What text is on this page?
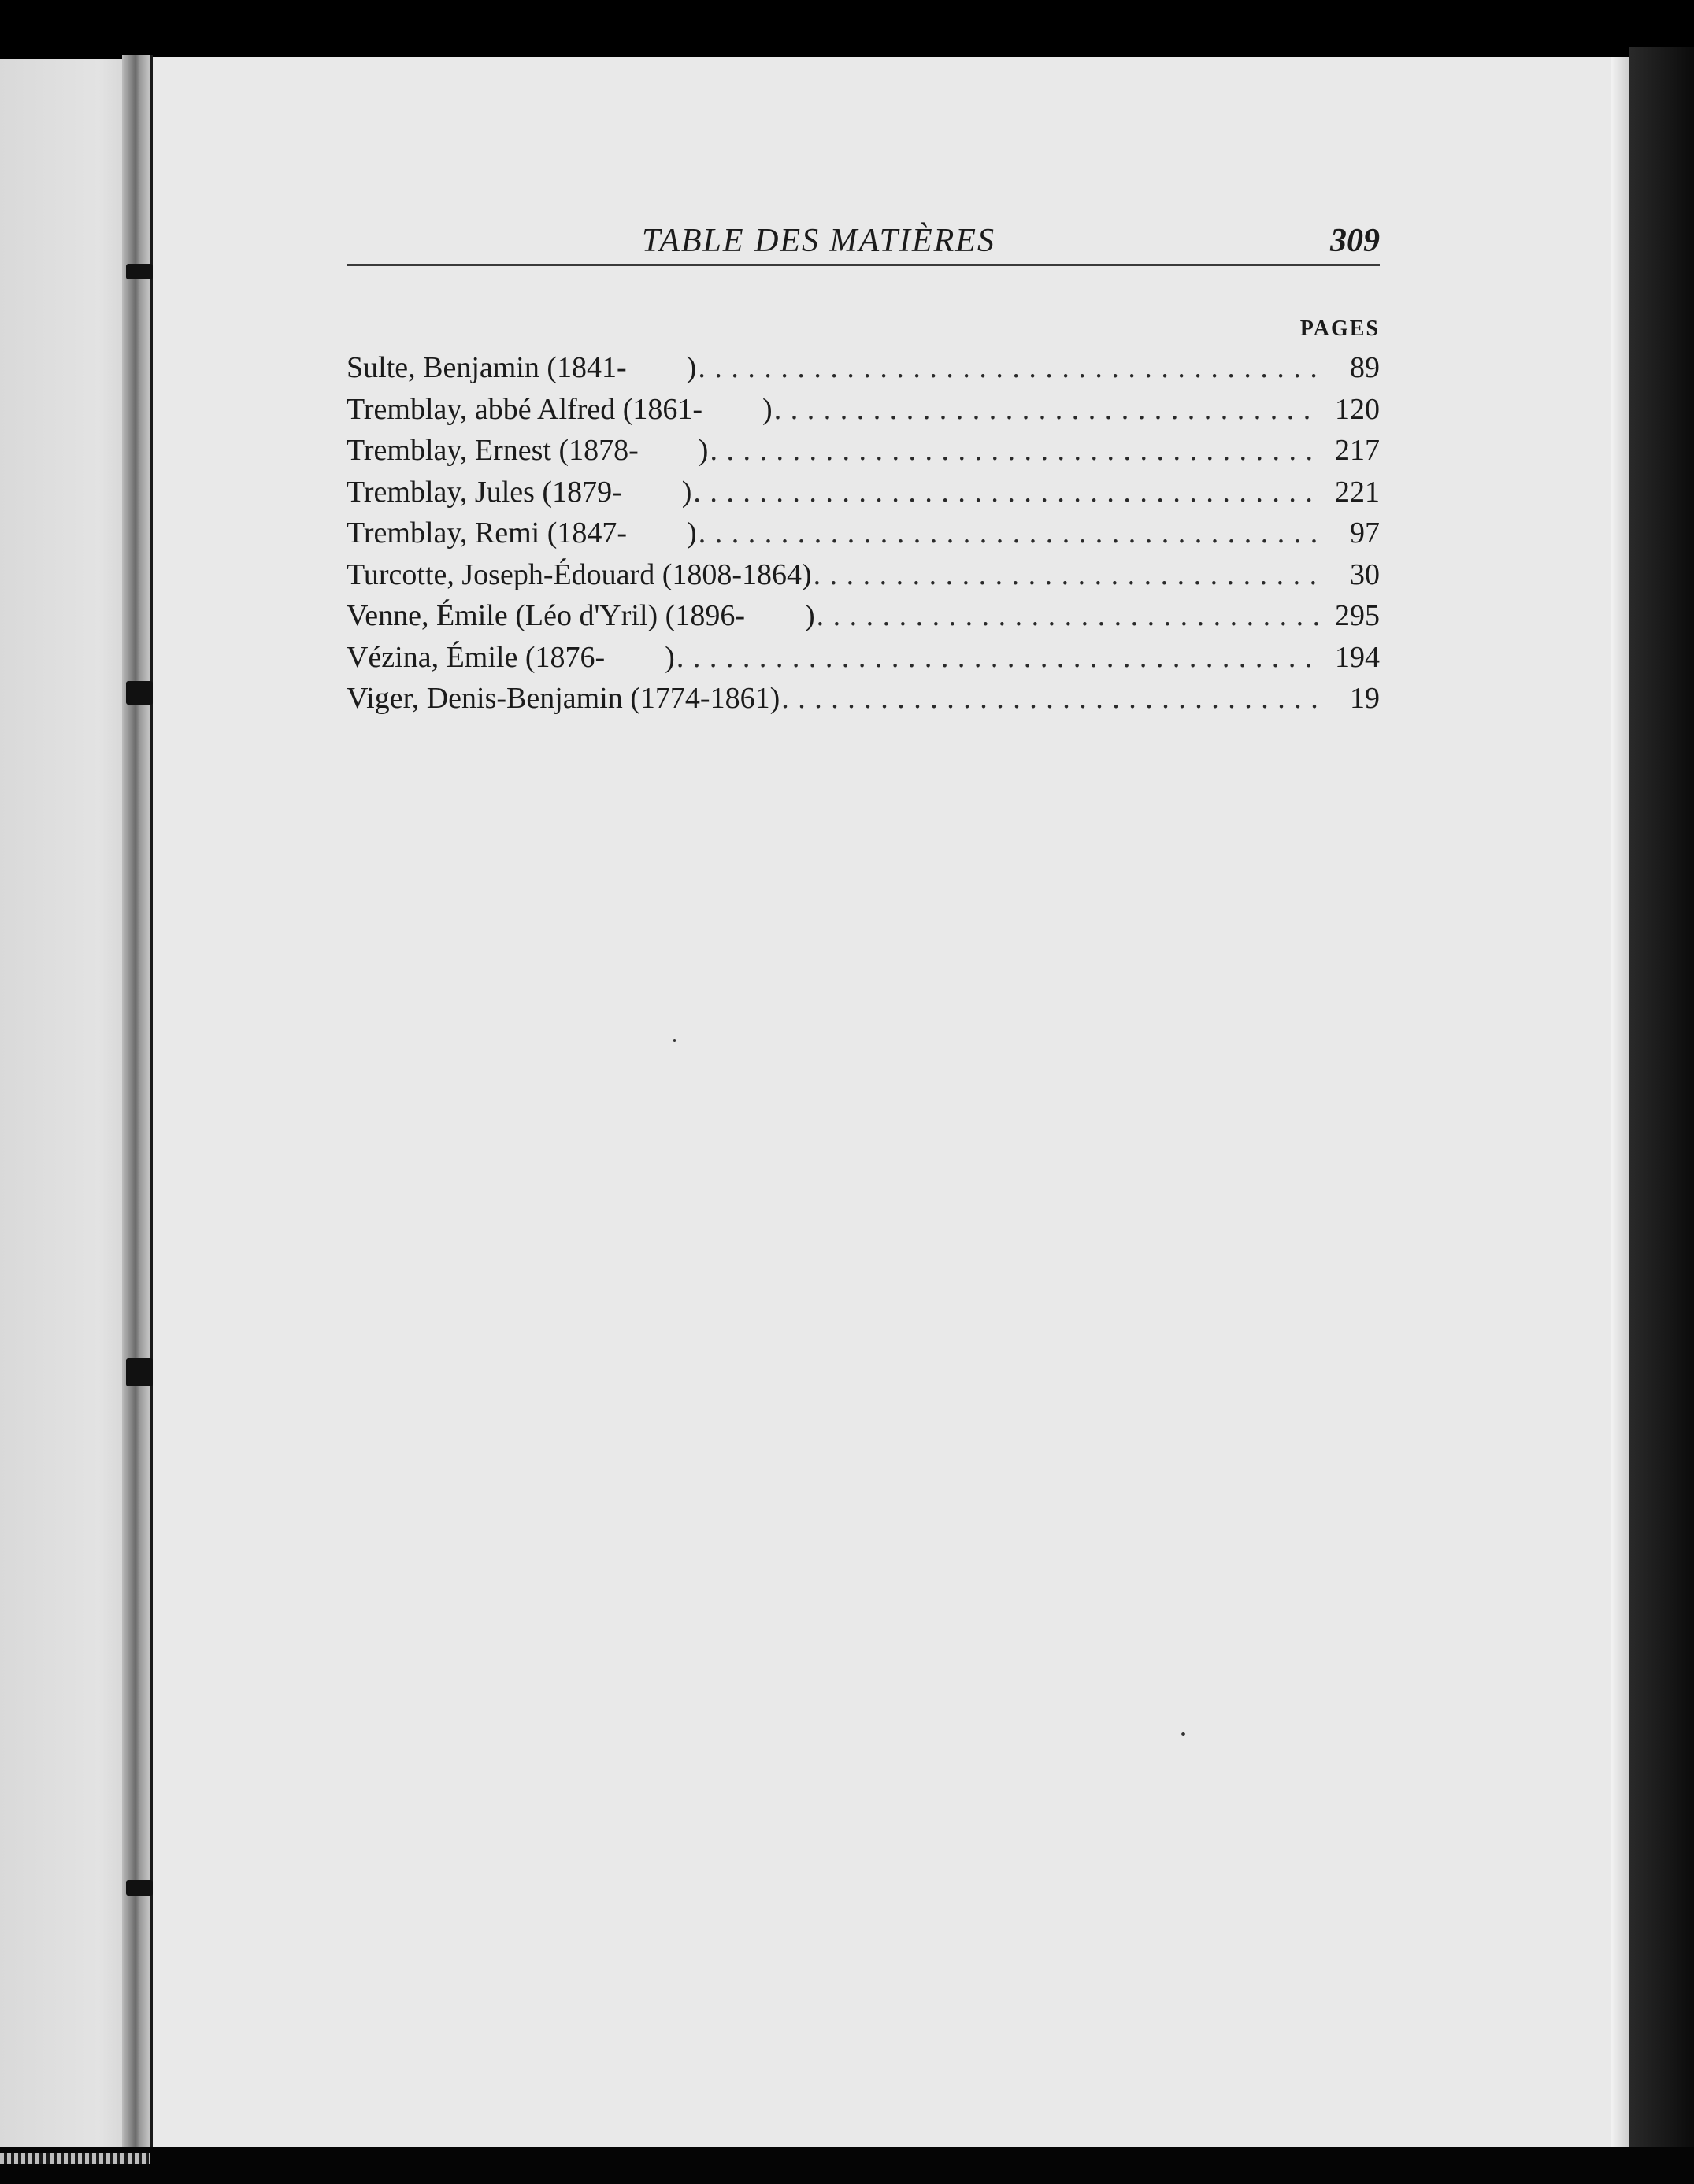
TABLE DES MATIÈRES	309
PAGES
Sulte, Benjamin (1841-        ) . . .	89
Tremblay, abbé Alfred (1861-        ) . . .	120
Tremblay, Ernest (1878-        ) . . .	217
Tremblay, Jules (1879-        ) . . .	221
Tremblay, Remi (1847-        ) . . .	97
Turcotte, Joseph-Édouard (1808-1864) . . .	30
Venne, Émile (Léo d'Yril) (1896-        ) . . .	295
Vézina, Émile (1876-        ) . . .	194
Viger, Denis-Benjamin (1774-1861) . . .	19
